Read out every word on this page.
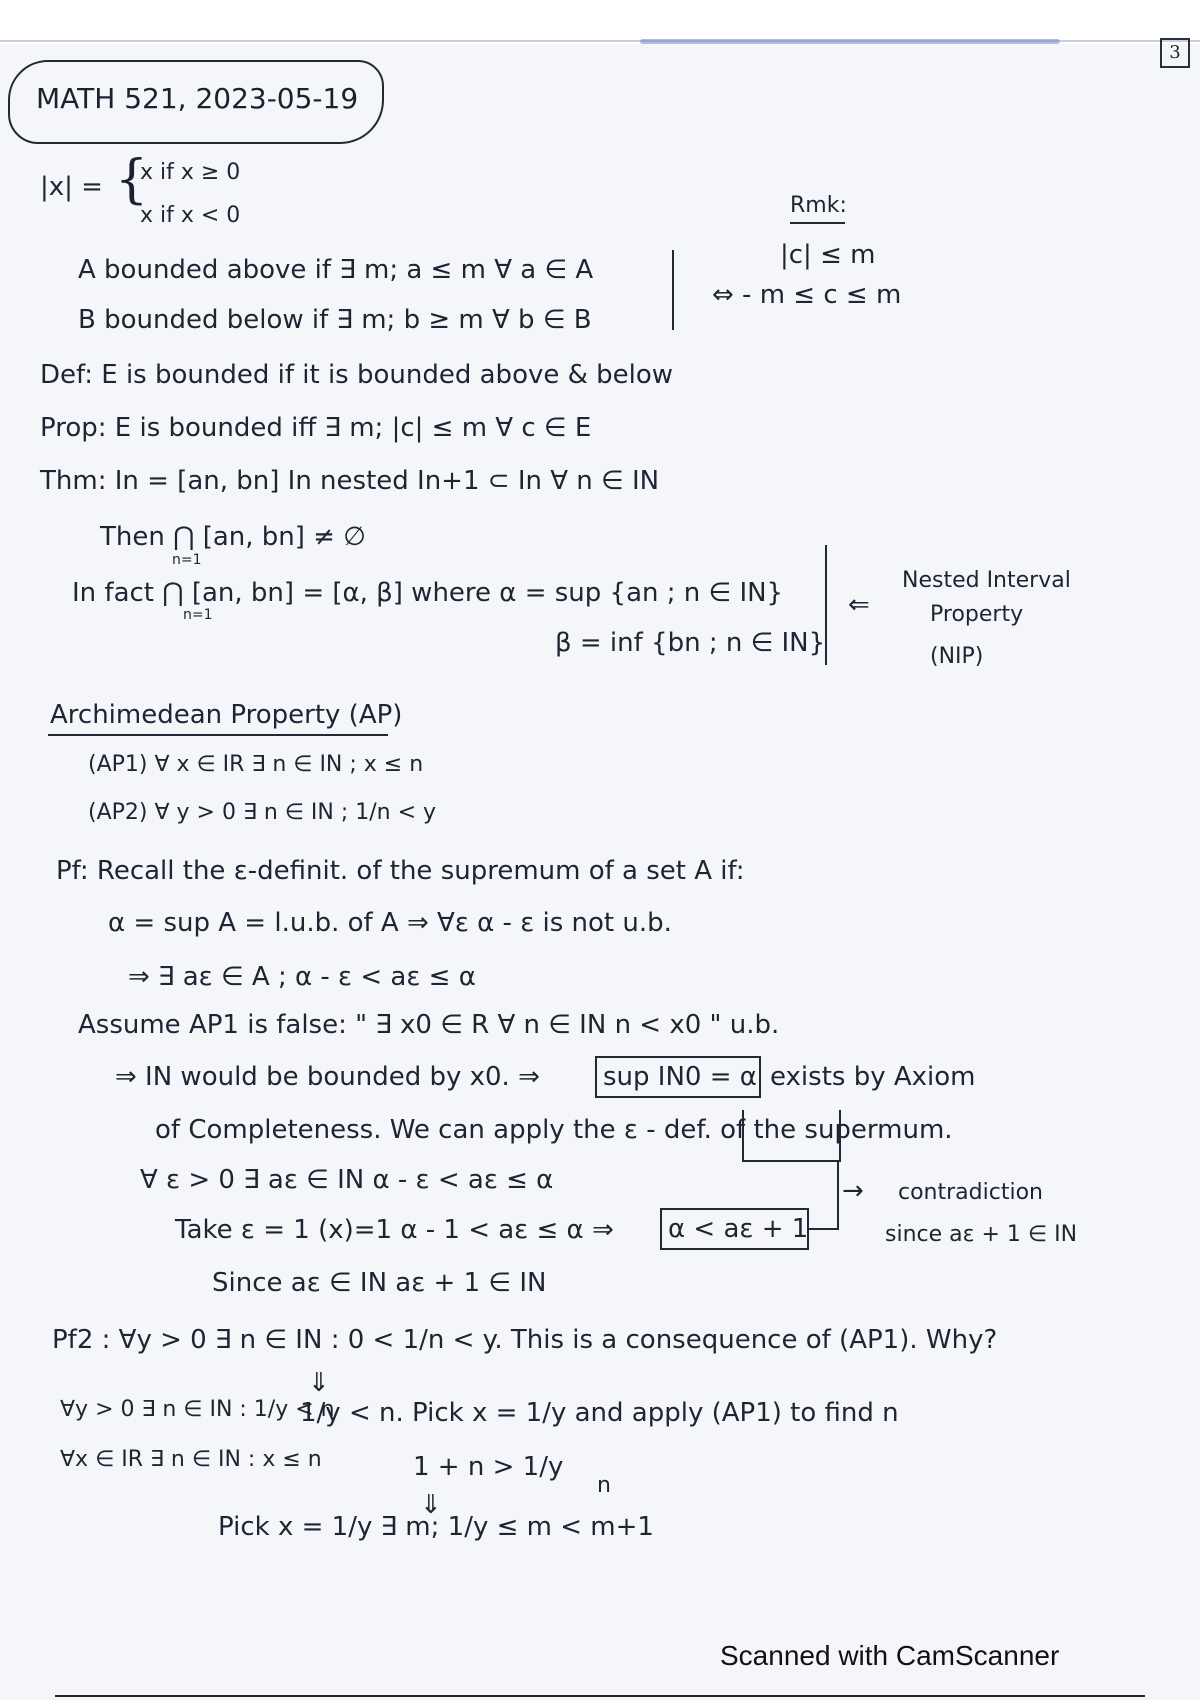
3
MATH 521, 2023-05-19
|x| = {
x if x ≥ 0
x if x < 0	Rmk:
|c| ≤ m
⇔ - m ≤ c ≤ m
A bounded above if ∃ m; a ≤ m ∀ a ∈ A
B bounded below if ∃ m; b ≥ m ∀ b ∈ B
Def: E is bounded if it is bounded above & below
Prop: E is bounded iff ∃ m; |c| ≤ m ∀ c ∈ E
Thm: In = [an, bn] In nested In+1 ⊂ In ∀ n ∈ IN
Then ⋂ [an, bn] ≠ ∅
n=1
In fact ⋂ [an, bn] = [α, β] where α = sup {an ; n ∈ IN}
n=1
β = inf {bn ; n ∈ IN}
⇐
Nested Interval
Property
(NIP)
Archimedean Property (AP)
(AP1) ∀ x ∈ IR ∃ n ∈ IN ; x ≤ n
(AP2) ∀ y > 0 ∃ n ∈ IN ; 1/n < y
Pf: Recall the ε-definit. of the supremum of a set A if:
α = sup A = l.u.b. of A ⇒ ∀ε α - ε is not u.b.
⇒ ∃ aε ∈ A ; α - ε < aε ≤ α
Assume AP1 is false: " ∃ x0 ∈ R ∀ n ∈ IN n < x0 " u.b.
⇒ IN would be bounded by x0. ⇒ sup IN0 = α exists by Axiom
of Completeness. We can apply the ε - def. of the supermum.
∀ ε > 0 ∃ aε ∈ IN α - ε < aε ≤ α
Take ε = 1 (x)=1 α - 1 < aε ≤ α ⇒ α < aε + 1
→ contradiction
since aε + 1 ∈ IN
Since aε ∈ IN aε + 1 ∈ IN
Pf2 : ∀y > 0 ∃ n ∈ IN : 0 < 1/n < y. This is a consequence of (AP1). Why?
⇓
∀y > 0 ∃ n ∈ IN : 1/y < n
1/y < n. Pick x = 1/y and apply (AP1) to find n
∀x ∈ IR ∃ n ∈ IN : x ≤ n	1 + n > 1/y
⇓
n
Pick x = 1/y ∃ m; 1/y ≤ m < m+1
Scanned with CamScanner
